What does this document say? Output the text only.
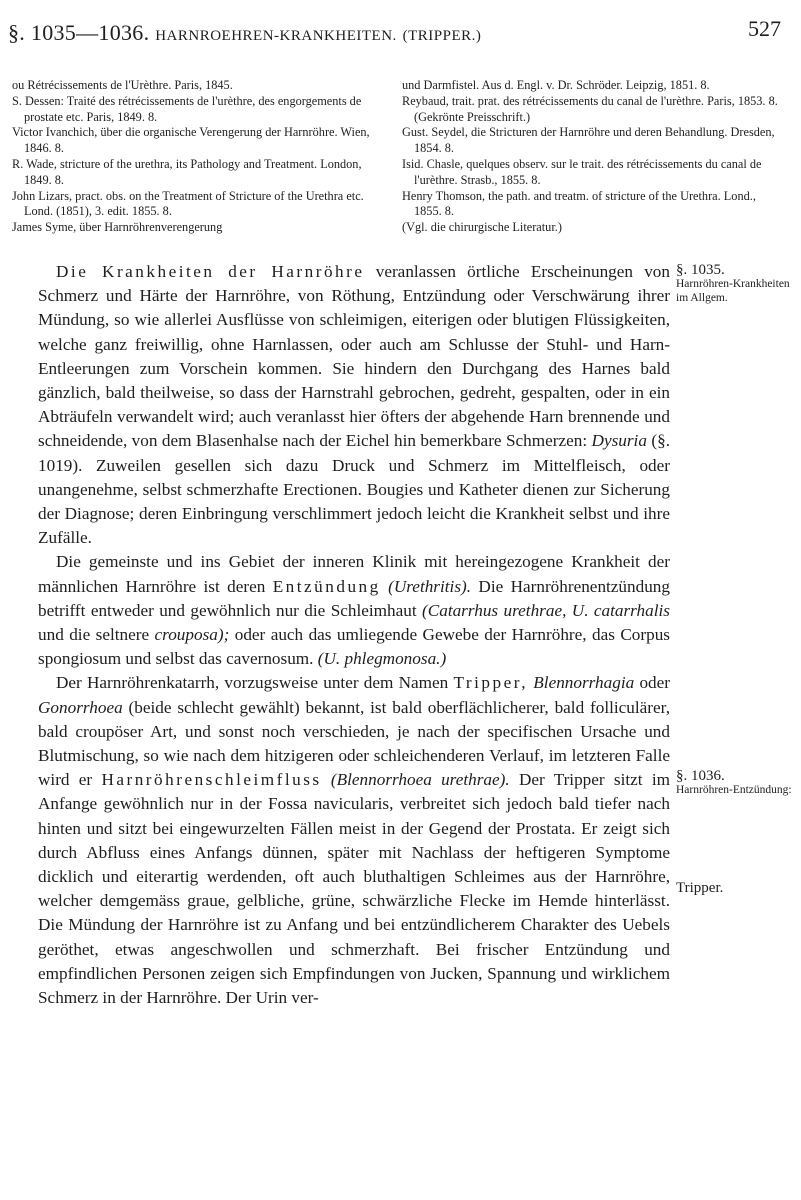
§. 1035—1036. HARNROEHREN-KRANKHEITEN. (TRIPPER.)	527

ou Rétrécissements de l'Urèthre. Paris, 1845.

S. Dessen: Traité des rétrécissements de l'urèthre, des engorgements de prostate etc. Paris, 1849. 8.

Victor Ivanchich, über die organische Verengerung der Harnröhre. Wien, 1846. 8.

R. Wade, stricture of the urethra, its Pathology and Treatment. London, 1849. 8.

John Lizars, pract. obs. on the Treatment of Stricture of the Urethra etc. Lond. (1851), 3. edit. 1855. 8.

James Syme, über Harnröhrenverengerung

und Darmfistel. Aus d. Engl. v. Dr. Schröder. Leipzig, 1851. 8.

Reybaud, trait. prat. des rétrécissements du canal de l'urèthre. Paris, 1853. 8. (Gekrönte Preisschrift.)

Gust. Seydel, die Stricturen der Harnröhre und deren Behandlung. Dresden, 1854. 8.

Isid. Chasle, quelques observ. sur le trait. des rétrécissements du canal de l'urèthre. Strasb., 1855. 8.

Henry Thomson, the path. and treatm. of stricture of the Urethra. Lond., 1855. 8.

(Vgl. die chirurgische Literatur.)

Die Krankheiten der Harnröhre veranlassen örtliche Erscheinungen von Schmerz und Härte der Harnröhre, von Röthung, Entzündung oder Verschwärung ihrer Mündung, so wie allerlei Ausflüsse von schleimigen, eiterigen oder blutigen Flüssigkeiten, welche ganz freiwillig, ohne Harnlassen, oder auch am Schlusse der Stuhl- und Harn-Entleerungen zum Vorschein kommen. Sie hindern den Durchgang des Harnes bald gänzlich, bald theilweise, so dass der Harnstrahl gebrochen, gedreht, gespalten, oder in ein Abträufeln verwandelt wird; auch veranlasst hier öfters der abgehende Harn brennende und schneidende, von dem Blasenhalse nach der Eichel hin bemerkbare Schmerzen: Dysuria (§. 1019). Zuweilen gesellen sich dazu Druck und Schmerz im Mittelfleisch, oder unangenehme, selbst schmerzhafte Erectionen. Bougies und Katheter dienen zur Sicherung der Diagnose; deren Einbringung verschlimmert jedoch leicht die Krankheit selbst und ihre Zufälle.

Die gemeinste und ins Gebiet der inneren Klinik mit hereingezogene Krankheit der männlichen Harnröhre ist deren Entzündung (Urethritis). Die Harnröhrenentzündung betrifft entweder und gewöhnlich nur die Schleimhaut (Catarrhus urethrae, U. catarrhalis und die seltnere crouposa); oder auch das umliegende Gewebe der Harnröhre, das Corpus spongiosum und selbst das cavernosum. (U. phlegmonosa.)

Der Harnröhrenkatarrh, vorzugsweise unter dem Namen Tripper, Blennorrhagia oder Gonorrhoea (beide schlecht gewählt) bekannt, ist bald oberflächlicherer, bald folliculärer, bald croupöser Art, und sonst noch verschieden, je nach der specifischen Ursache und Blutmischung, so wie nach dem hitzigeren oder schleichenderen Verlauf, im letzteren Falle wird er Harnröhrenschleimfluss (Blennorrhoea urethrae). Der Tripper sitzt im Anfange gewöhnlich nur in der Fossa navicularis, verbreitet sich jedoch bald tiefer nach hinten und sitzt bei eingewurzelten Fällen meist in der Gegend der Prostata. Er zeigt sich durch Abfluss eines Anfangs dünnen, später mit Nachlass der heftigeren Symptome dicklich und eiterartig werdenden, oft auch bluthaltigen Schleimes aus der Harnröhre, welcher demgemäss graue, gelbliche, grüne, schwärzliche Flecke im Hemde hinterlässt. Die Mündung der Harnröhre ist zu Anfang und bei entzündlicherem Charakter des Uebels geröthet, etwas angeschwollen und schmerzhaft. Bei frischer Entzündung und empfindlichen Personen zeigen sich Empfindungen von Jucken, Spannung und wirklichem Schmerz in der Harnröhre. Der Urin ver-

§. 1035.
Harnröhren-Krankheiten
im Allgem.
§. 1036.
Harnröhren-Entzündung:
Tripper.
